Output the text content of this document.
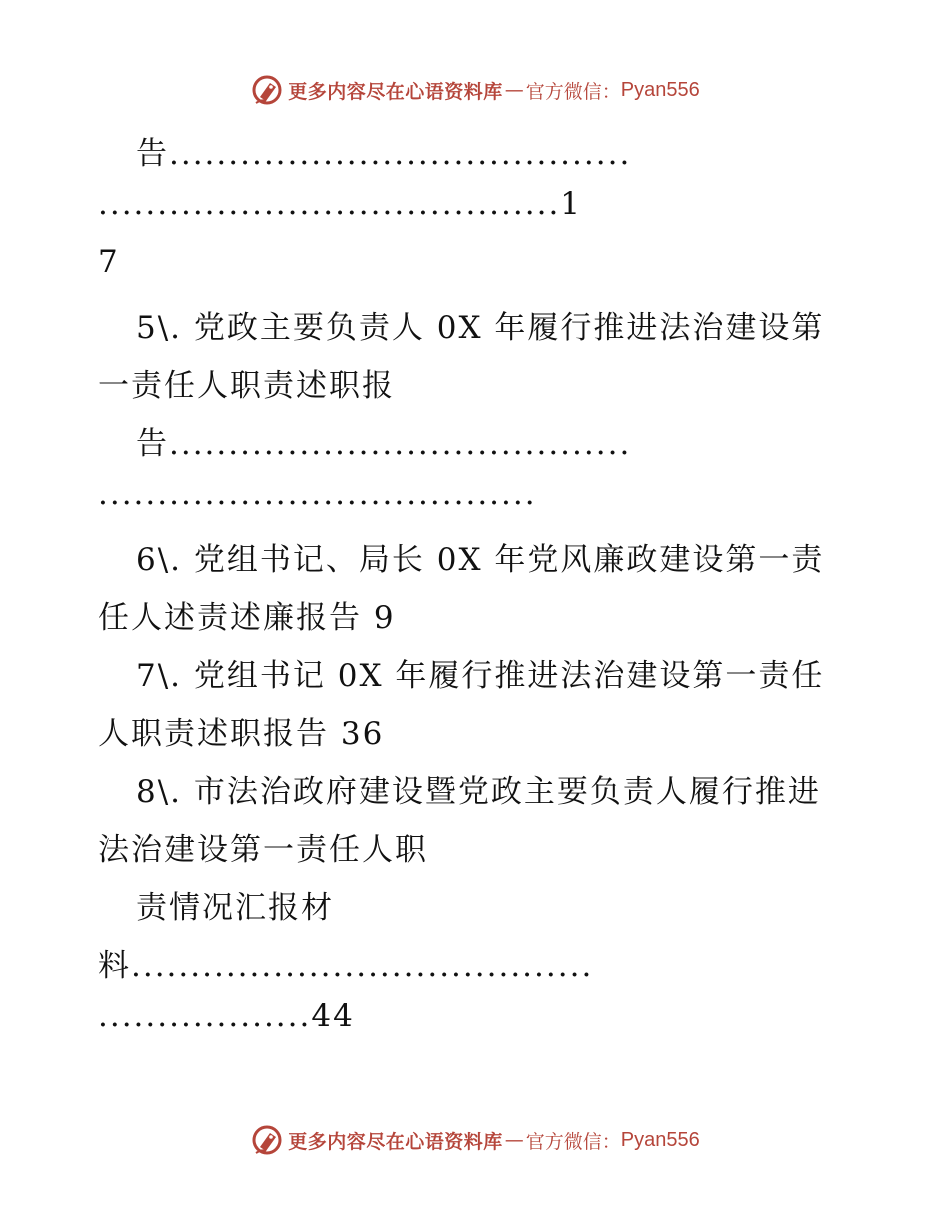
更多内容尽在心语资料库 — 官方微信： Pyan556
告.......................................
.......................................1
7
5\. 党政主要负责人 0X 年履行推进法治建设第
一责任人职责述职报
告.......................................
.....................................
6\. 党组书记、局长 0X 年党风廉政建设第一责
任人述责述廉报告 9
7\. 党组书记 0X 年履行推进法治建设第一责任
人职责述职报告 36
8\. 市法治政府建设暨党政主要负责人履行推进
法治建设第一责任人职
责情况汇报材
料.......................................
..................44
更多内容尽在心语资料库 — 官方微信： Pyan556
